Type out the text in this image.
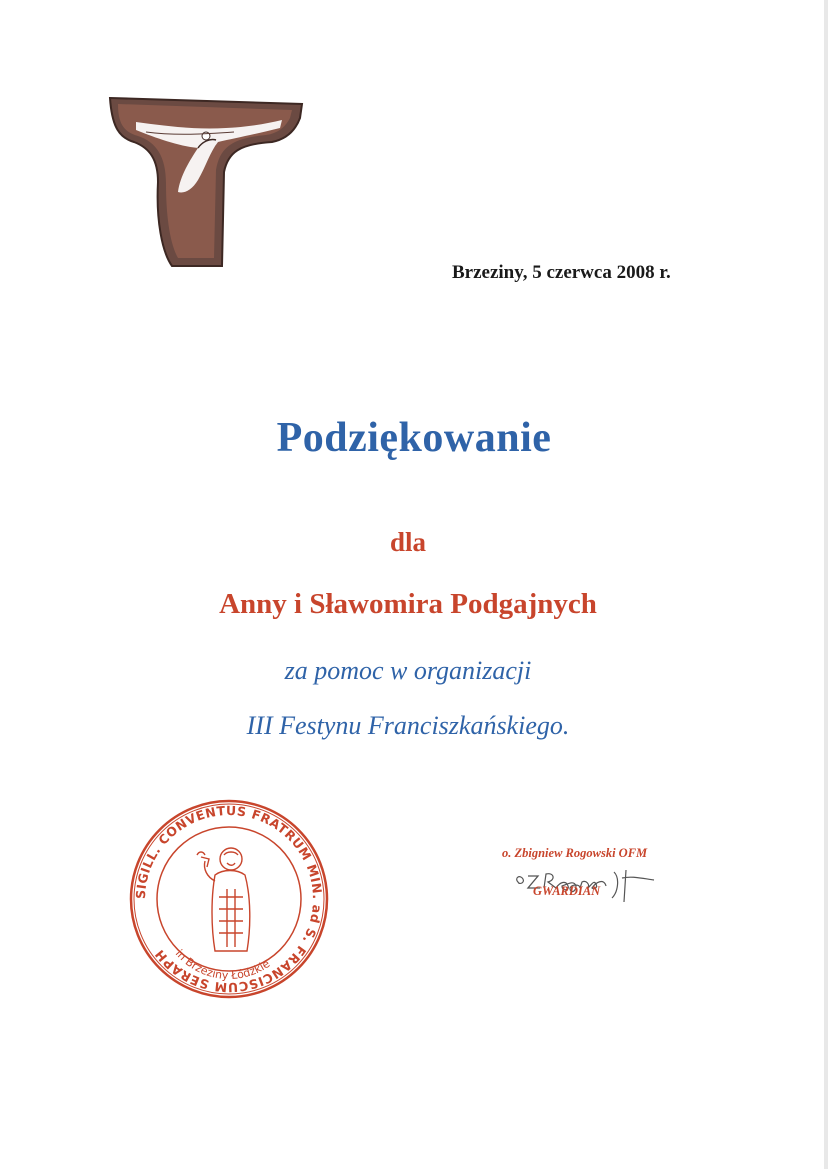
Brzeziny, 5 czerwca 2008 r.
Podziękowanie
dla
Anny i Sławomira Podgajnych
za pomoc w organizacji
III Festynu Franciszkańskiego.
SIGILL. CONVENTUS FRATRUM MIN. ad S. FRANCISCUM SERAPH in Brzeziny Łódzkie
o. Zbigniew Rogowski OFM
GWARDIAN
